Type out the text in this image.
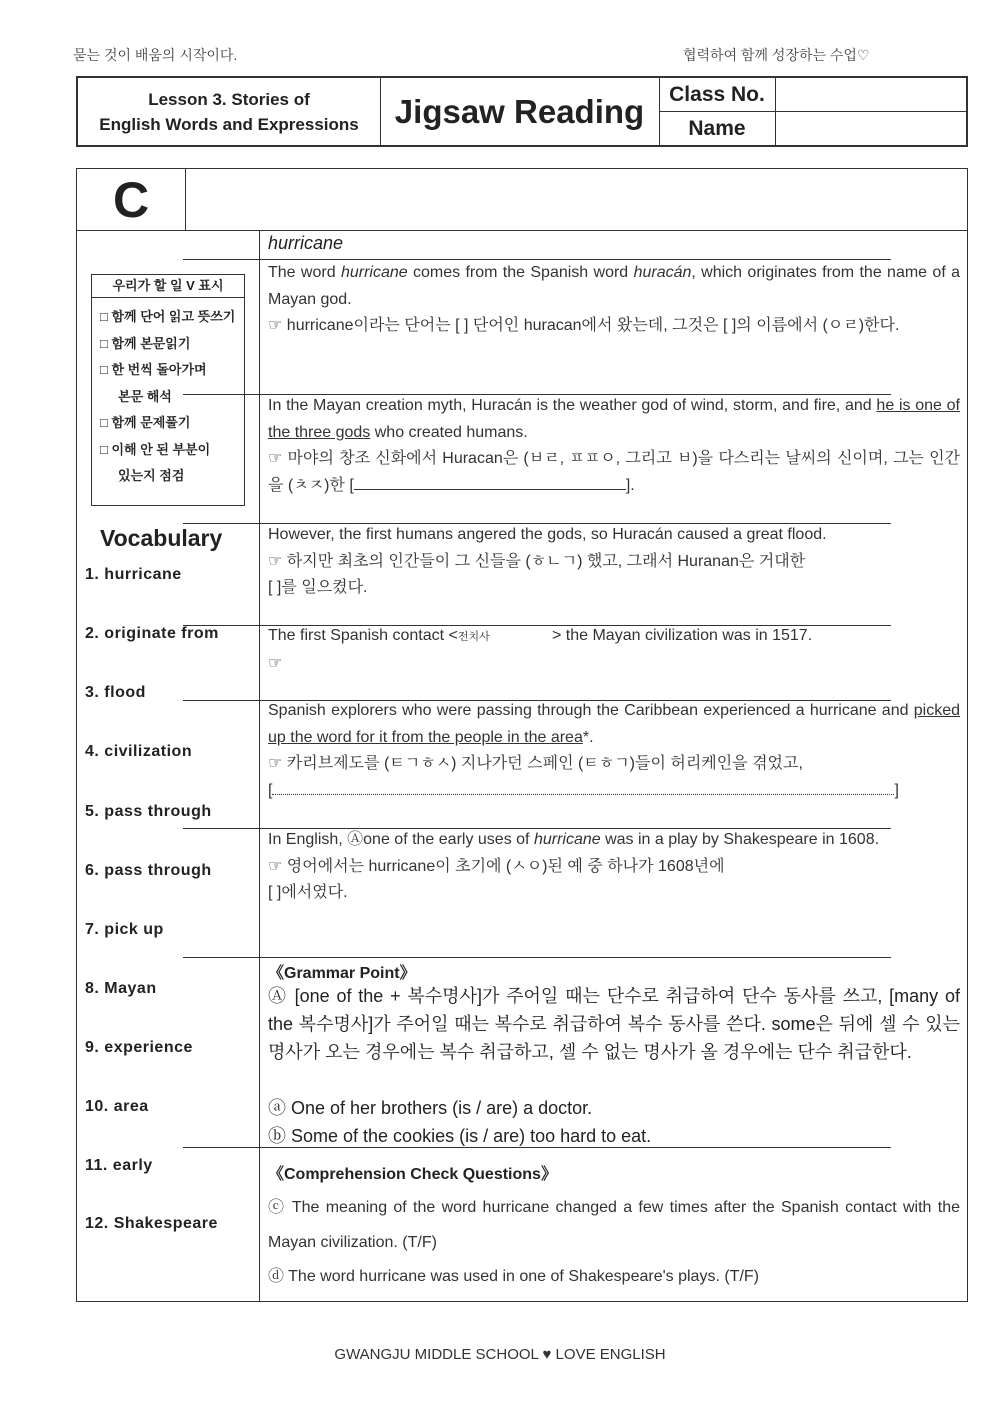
묻는 것이 배움의 시작이다.	협력하여 함께 성장하는 수업♡
Lesson 3. Stories of
English Words and Expressions	Jigsaw Reading	Class No.
Name
C
우리가 할 일 V 표시
□ 함께 단어 읽고 뜻쓰기
□ 함께 본문읽기
□ 한 번씩 돌아가며
본문 해석
□ 함께 문제풀기
□ 이해 안 된 부분이
있는지 점검
Vocabulary
1. hurricane
2. originate from
3. flood
4. civilization
5. pass through
6. pass through
7. pick up
8. Mayan
9. experience
10. area
11. early
12. Shakespeare
hurricane

The word hurricane comes from the Spanish word huracán, which originates from the name of a Mayan god.

☞ hurricane이라는 단어는 [ ] 단어인 huracan에서 왔는데, 그것은 [ ]의 이름에서 (ㅇㄹ)한다.

In the Mayan creation myth, Huracán is the weather god of wind, storm, and fire, and he is one of the three gods who created humans.

☞ 마야의 창조 신화에서 Huracan은 (ㅂㄹ, ㅍㅍㅇ, 그리고 ㅂ)을 다스리는 날씨의 신이며, 그는 인간을 (ㅊㅈ)한 [	].

However, the first humans angered the gods, so Huracán caused a great flood.

☞ 하지만 최초의 인간들이 그 신들을 (ㅎㄴㄱ) 했고, 그래서 Huranan은 거대한

[ ]를 일으켰다.

The first Spanish contact <전치사              > the Mayan civilization was in 1517.

☞

Spanish explorers who were passing through the Caribbean experienced a hurricane and picked up the word for it from the people in the area*.

☞ 카리브제도를 (ㅌㄱㅎㅅ) 지나가던 스페인 (ㅌㅎㄱ)들이 허리케인을 겪었고,

[	]

In English, Ⓐone of the early uses of hurricane was in a play by Shakespeare in 1608.

☞ 영어에서는 hurricane이 초기에 (ㅅㅇ)된 예 중 하나가 1608년에

[ ]에서였다.

《Grammar Point》
Ⓐ [one of the + 복수명사]가 주어일 때는 단수로 취급하여 단수 동사를 쓰고, [many of the 복수명사]가 주어일 때는 복수로 취급하여 복수 동사를 쓴다. some은 뒤에 셀 수 있는 명사가 오는 경우에는 복수 취급하고, 셀 수 없는 명사가 올 경우에는 단수 취급한다.
ⓐ One of her brothers (is / are) a doctor.
ⓑ Some of the cookies (is / are) too hard to eat.
《Comprehension Check Questions》
ⓒ The meaning of the word hurricane changed a few times after the Spanish contact with the Mayan civilization. (T/F)
ⓓ The word hurricane was used in one of Shakespeare's plays. (T/F)
GWANGJU MIDDLE SCHOOL ♥ LOVE ENGLISH
